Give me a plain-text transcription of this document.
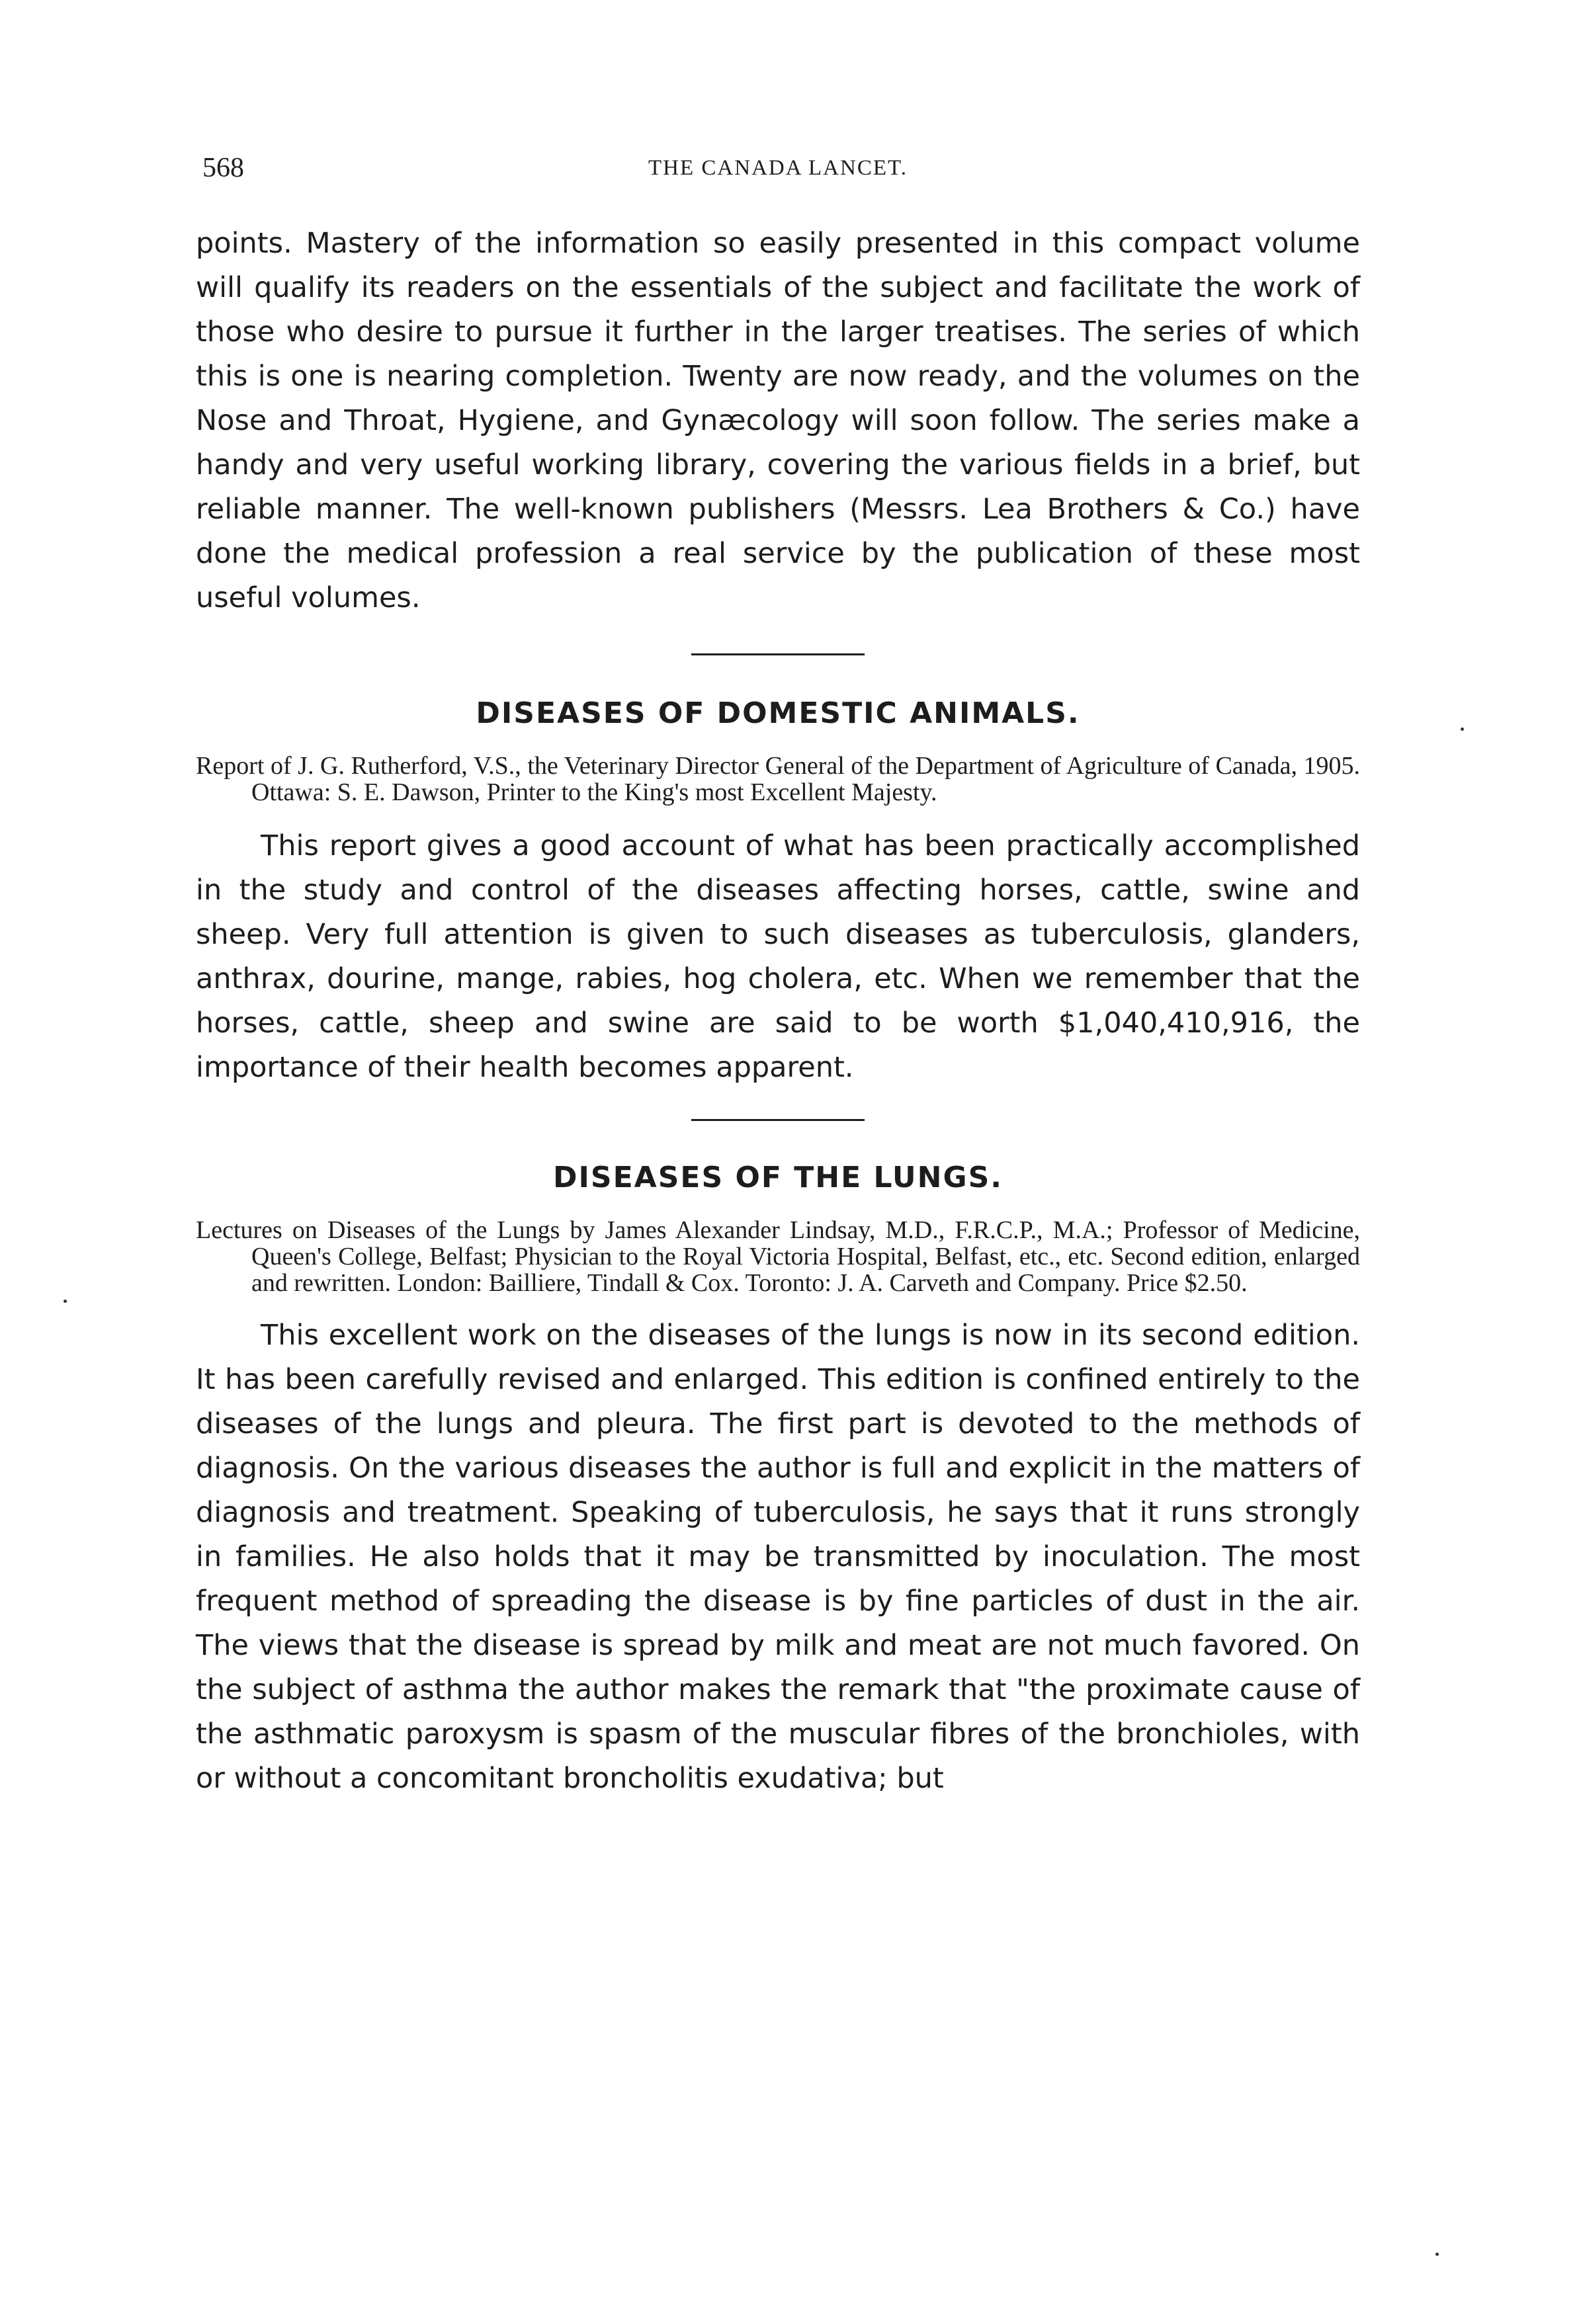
568	THE CANADA LANCET.

points. Mastery of the information so easily presented in this compact volume will qualify its readers on the essentials of the subject and facilitate the work of those who desire to pursue it further in the larger treatises. The series of which this is one is nearing completion. Twenty are now ready, and the volumes on the Nose and Throat, Hygiene, and Gynæcology will soon follow. The series make a handy and very useful working library, covering the various fields in a brief, but reliable manner. The well-known publishers (Messrs. Lea Brothers & Co.) have done the medical profession a real service by the publication of these most useful volumes.

DISEASES OF DOMESTIC ANIMALS.

Report of J. G. Rutherford, V.S., the Veterinary Director General of the Department of Agriculture of Canada, 1905. Ottawa: S. E. Dawson, Printer to the King's most Excellent Majesty.

This report gives a good account of what has been practically accomplished in the study and control of the diseases affecting horses, cattle, swine and sheep. Very full attention is given to such diseases as tuberculosis, glanders, anthrax, dourine, mange, rabies, hog cholera, etc. When we remember that the horses, cattle, sheep and swine are said to be worth $1,040,410,916, the importance of their health becomes apparent.

DISEASES OF THE LUNGS.

Lectures on Diseases of the Lungs by James Alexander Lindsay, M.D., F.R.C.P., M.A.; Professor of Medicine, Queen's College, Belfast; Physician to the Royal Victoria Hospital, Belfast, etc., etc. Second edition, enlarged and rewritten. London: Bailliere, Tindall & Cox. Toronto: J. A. Carveth and Company. Price $2.50.

This excellent work on the diseases of the lungs is now in its second edition. It has been carefully revised and enlarged. This edition is confined entirely to the diseases of the lungs and pleura. The first part is devoted to the methods of diagnosis. On the various diseases the author is full and explicit in the matters of diagnosis and treatment. Speaking of tuberculosis, he says that it runs strongly in families. He also holds that it may be transmitted by inoculation. The most frequent method of spreading the disease is by fine particles of dust in the air. The views that the disease is spread by milk and meat are not much favored. On the subject of asthma the author makes the remark that "the proximate cause of the asthmatic paroxysm is spasm of the muscular fibres of the bronchioles, with or without a concomitant broncholitis exudativa; but
